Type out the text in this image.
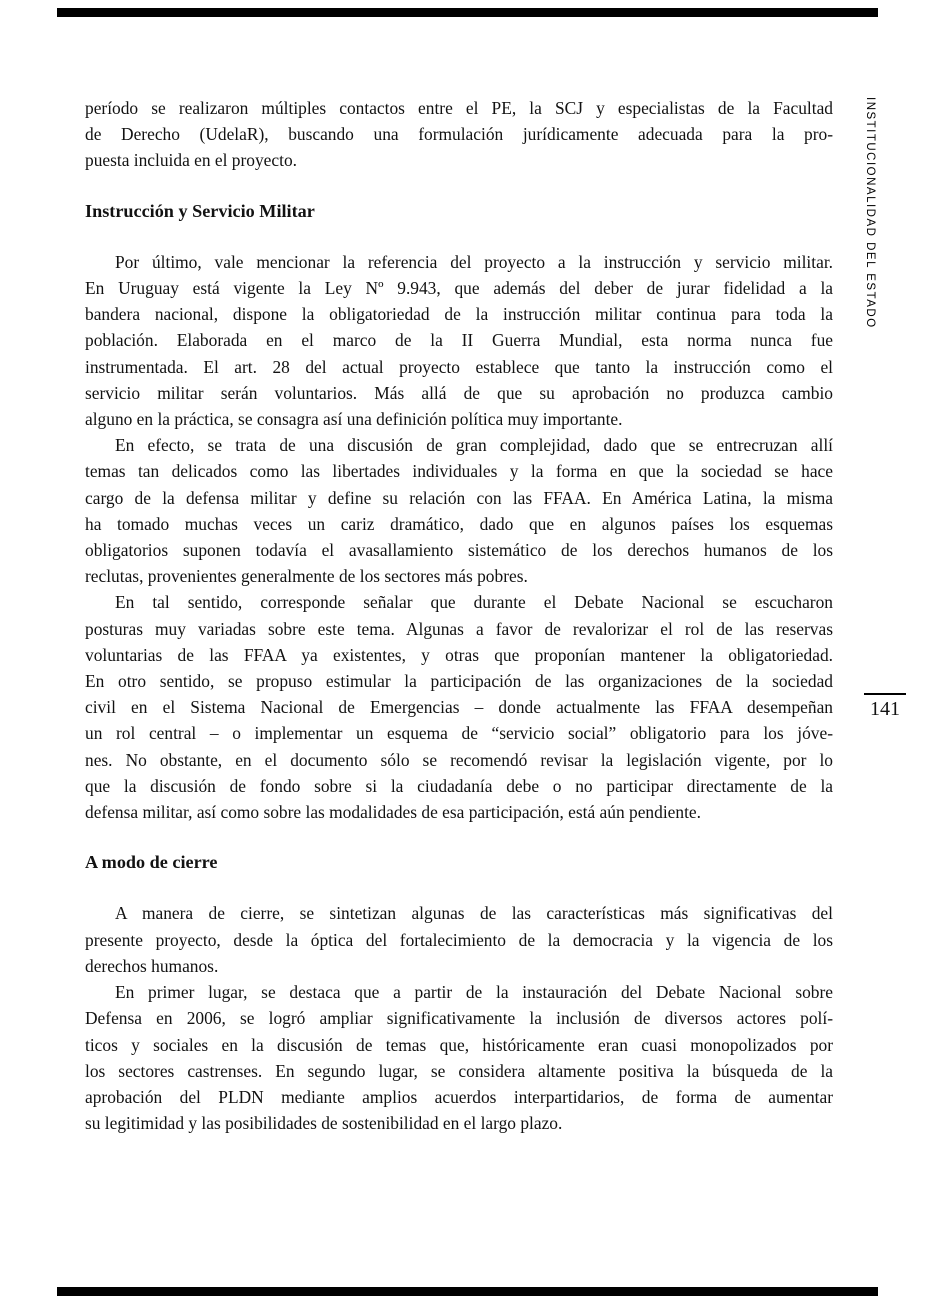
período se realizaron múltiples contactos entre el PE, la SCJ y especialistas de la Facultad
de Derecho (UdelaR), buscando una formulación jurídicamente adecuada para la pro-
puesta incluida en el proyecto.
Instrucción y Servicio Militar
Por último, vale mencionar la referencia del proyecto a la instrucción y servicio militar.
En Uruguay está vigente la Ley Nº 9.943, que además del deber de jurar fidelidad a la
bandera nacional, dispone la obligatoriedad de la instrucción militar continua para toda la
población. Elaborada en el marco de la II Guerra Mundial, esta norma nunca fue
instrumentada. El art. 28 del actual proyecto establece que tanto la instrucción como el
servicio militar serán voluntarios. Más allá de que su aprobación no produzca cambio
alguno en la práctica, se consagra así una definición política muy importante.
En efecto, se trata de una discusión de gran complejidad, dado que se entrecruzan allí
temas tan delicados como las libertades individuales y la forma en que la sociedad se hace
cargo de la defensa militar y define su relación con las FFAA. En América Latina, la misma
ha tomado muchas veces un cariz dramático, dado que en algunos países los esquemas
obligatorios suponen todavía el avasallamiento sistemático de los derechos humanos de los
reclutas, provenientes generalmente de los sectores más pobres.
En tal sentido, corresponde señalar que durante el Debate Nacional se escucharon
posturas muy variadas sobre este tema. Algunas a favor de revalorizar el rol de las reservas
voluntarias de las FFAA ya existentes, y otras que proponían mantener la obligatoriedad.
En otro sentido, se propuso estimular la participación de las organizaciones de la sociedad
civil en el Sistema Nacional de Emergencias – donde actualmente las FFAA desempeñan
un rol central – o implementar un esquema de “servicio social” obligatorio para los jóve-
nes. No obstante, en el documento sólo se recomendó revisar la legislación vigente, por lo
que la discusión de fondo sobre si la ciudadanía debe o no participar directamente de la
defensa militar, así como sobre las modalidades de esa participación, está aún pendiente.
A modo de cierre
A manera de cierre, se sintetizan algunas de las características más significativas del
presente proyecto, desde la óptica del fortalecimiento de la democracia y la vigencia de los
derechos humanos.
En primer lugar, se destaca que a partir de la instauración del Debate Nacional sobre
Defensa en 2006, se logró ampliar significativamente la inclusión de diversos actores polí-
ticos y sociales en la discusión de temas que, históricamente eran cuasi monopolizados por
los sectores castrenses. En segundo lugar, se considera altamente positiva la búsqueda de la
aprobación del PLDN mediante amplios acuerdos interpartidarios, de forma de aumentar
su legitimidad y las posibilidades de sostenibilidad en el largo plazo.
INSTITUCIONALIDAD DEL ESTADO
141
